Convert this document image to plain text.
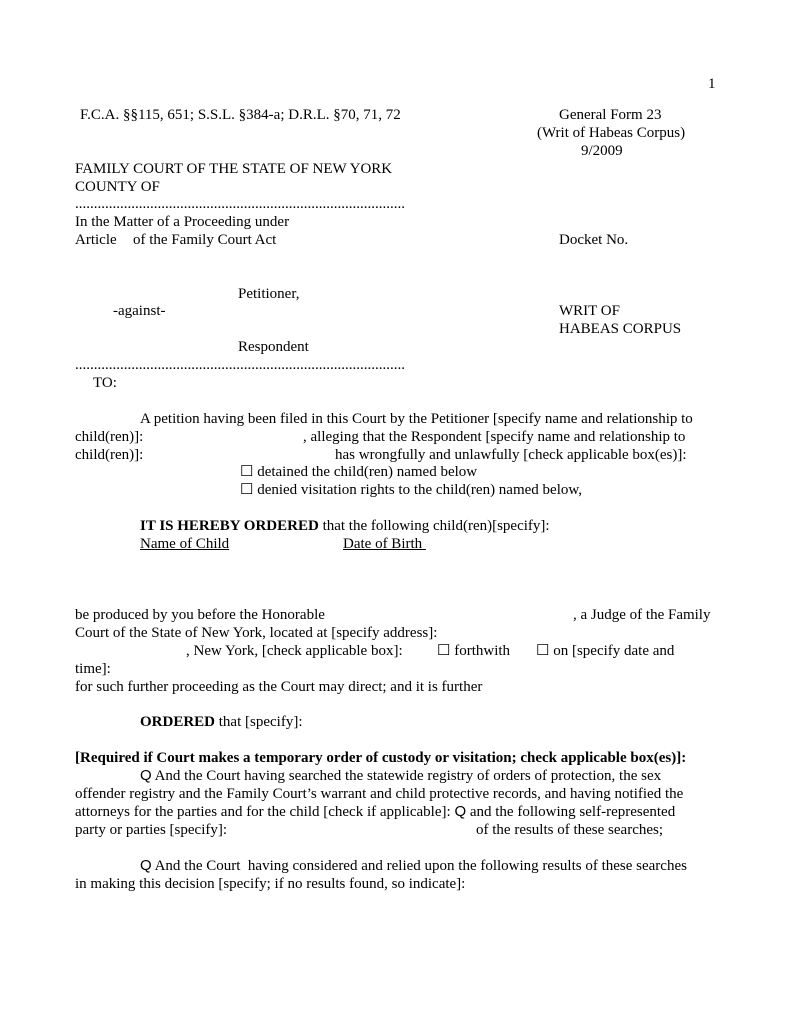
1
F.C.A. §§115, 651; S.S.L. §384-a; D.R.L. §70, 71, 72	General Form 23
(Writ of Habeas Corpus)
9/2009
FAMILY COURT OF THE STATE OF NEW YORK
COUNTY OF
........................................................................................
In the Matter of a Proceeding under
Article of the Family Court Act	Docket No.
Petitioner,
-against-	WRIT OF
HABEAS CORPUS
Respondent
........................................................................................
TO:
A petition having been filed in this Court by the Petitioner [specify name and relationship to
child(ren)]:	, alleging that the Respondent [specify name and relationship to
child(ren)]:	has wrongfully and unlawfully [check applicable box(es)]:
☐ detained the child(ren) named below
☐ denied visitation rights to the child(ren) named below,
IT IS HEREBY ORDERED that the following child(ren)[specify]:
Name of Child	Date of Birth
be produced by you before the Honorable	, a Judge of the Family
Court of the State of New York, located at [specify address]:
, New York, [check applicable box]: ☐ forthwith ☐ on [specify date and
time]:
for such further proceeding as the Court may direct; and it is further
ORDERED that [specify]:
[Required if Court makes a temporary order of custody or visitation; check applicable box(es)]:
Q And the Court having searched the statewide registry of orders of protection, the sex
offender registry and the Family Court’s warrant and child protective records, and having notified the
attorneys for the parties and for the child [check if applicable]: Q and the following self-represented
party or parties [specify]:	of the results of these searches;
Q And the Court  having considered and relied upon the following results of these searches
in making this decision [specify; if no results found, so indicate]:
